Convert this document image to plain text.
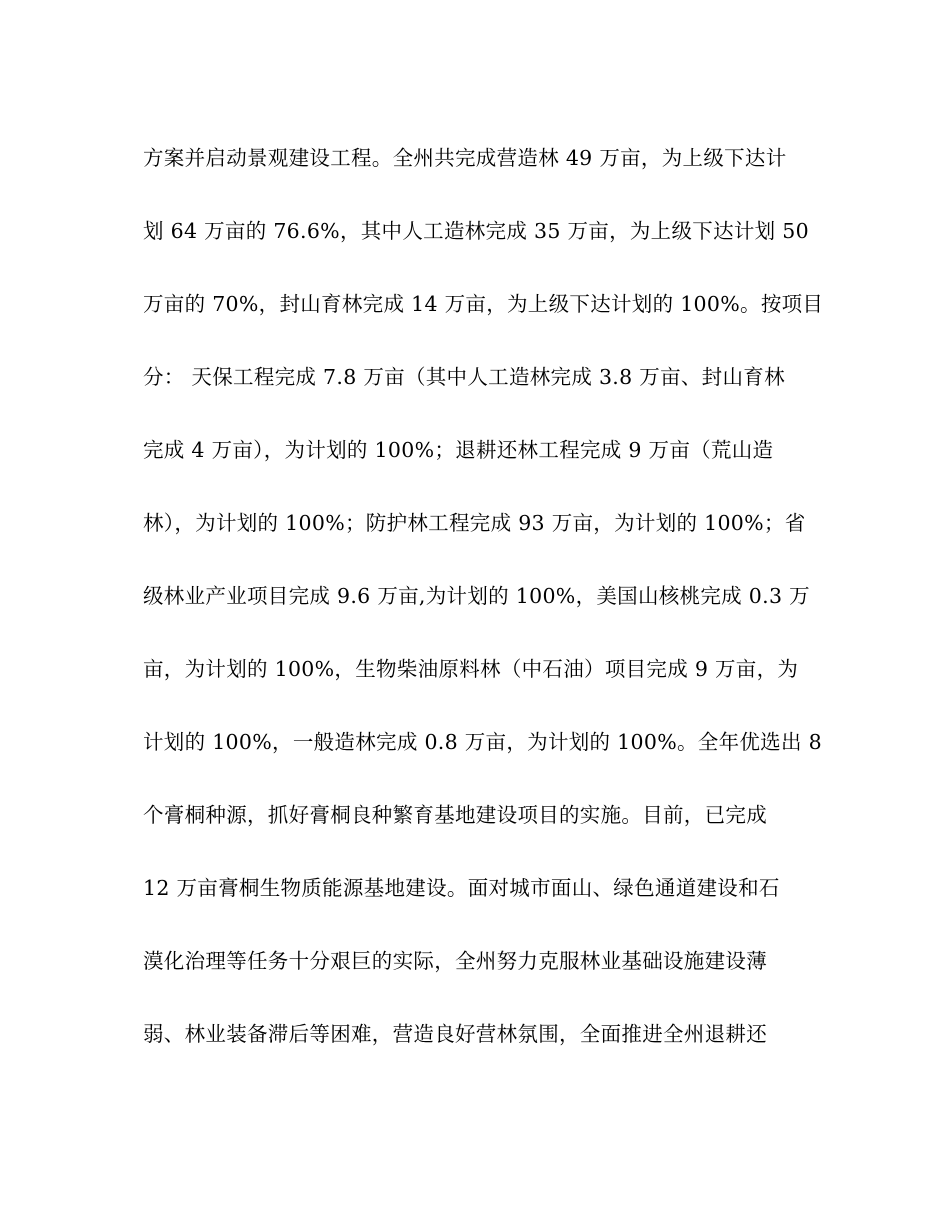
方案并启动景观建设工程。全州共完成营造林 49 万亩，为上级下达计
划 64 万亩的 76.6%，其中人工造林完成 35 万亩，为上级下达计划 50
万亩的 70%，封山育林完成 14 万亩，为上级下达计划的 100%。按项目
分： 天保工程完成 7.8 万亩（其中人工造林完成 3.8 万亩、封山育林
完成 4 万亩），为计划的 100%；退耕还林工程完成 9 万亩（荒山造
林），为计划的 100%；防护林工程完成 93 万亩，为计划的 100%；省
级林业产业项目完成 9.6 万亩,为计划的 100%，美国山核桃完成 0.3 万
亩，为计划的 100%，生物柴油原料林（中石油）项目完成 9 万亩，为
计划的 100%，一般造林完成 0.8 万亩，为计划的 100%。全年优选出 8
个膏桐种源，抓好膏桐良种繁育基地建设项目的实施。目前，已完成
12 万亩膏桐生物质能源基地建设。面对城市面山、绿色通道建设和石
漠化治理等任务十分艰巨的实际，全州努力克服林业基础设施建设薄
弱、林业装备滞后等困难，营造良好营林氛围，全面推进全州退耕还
